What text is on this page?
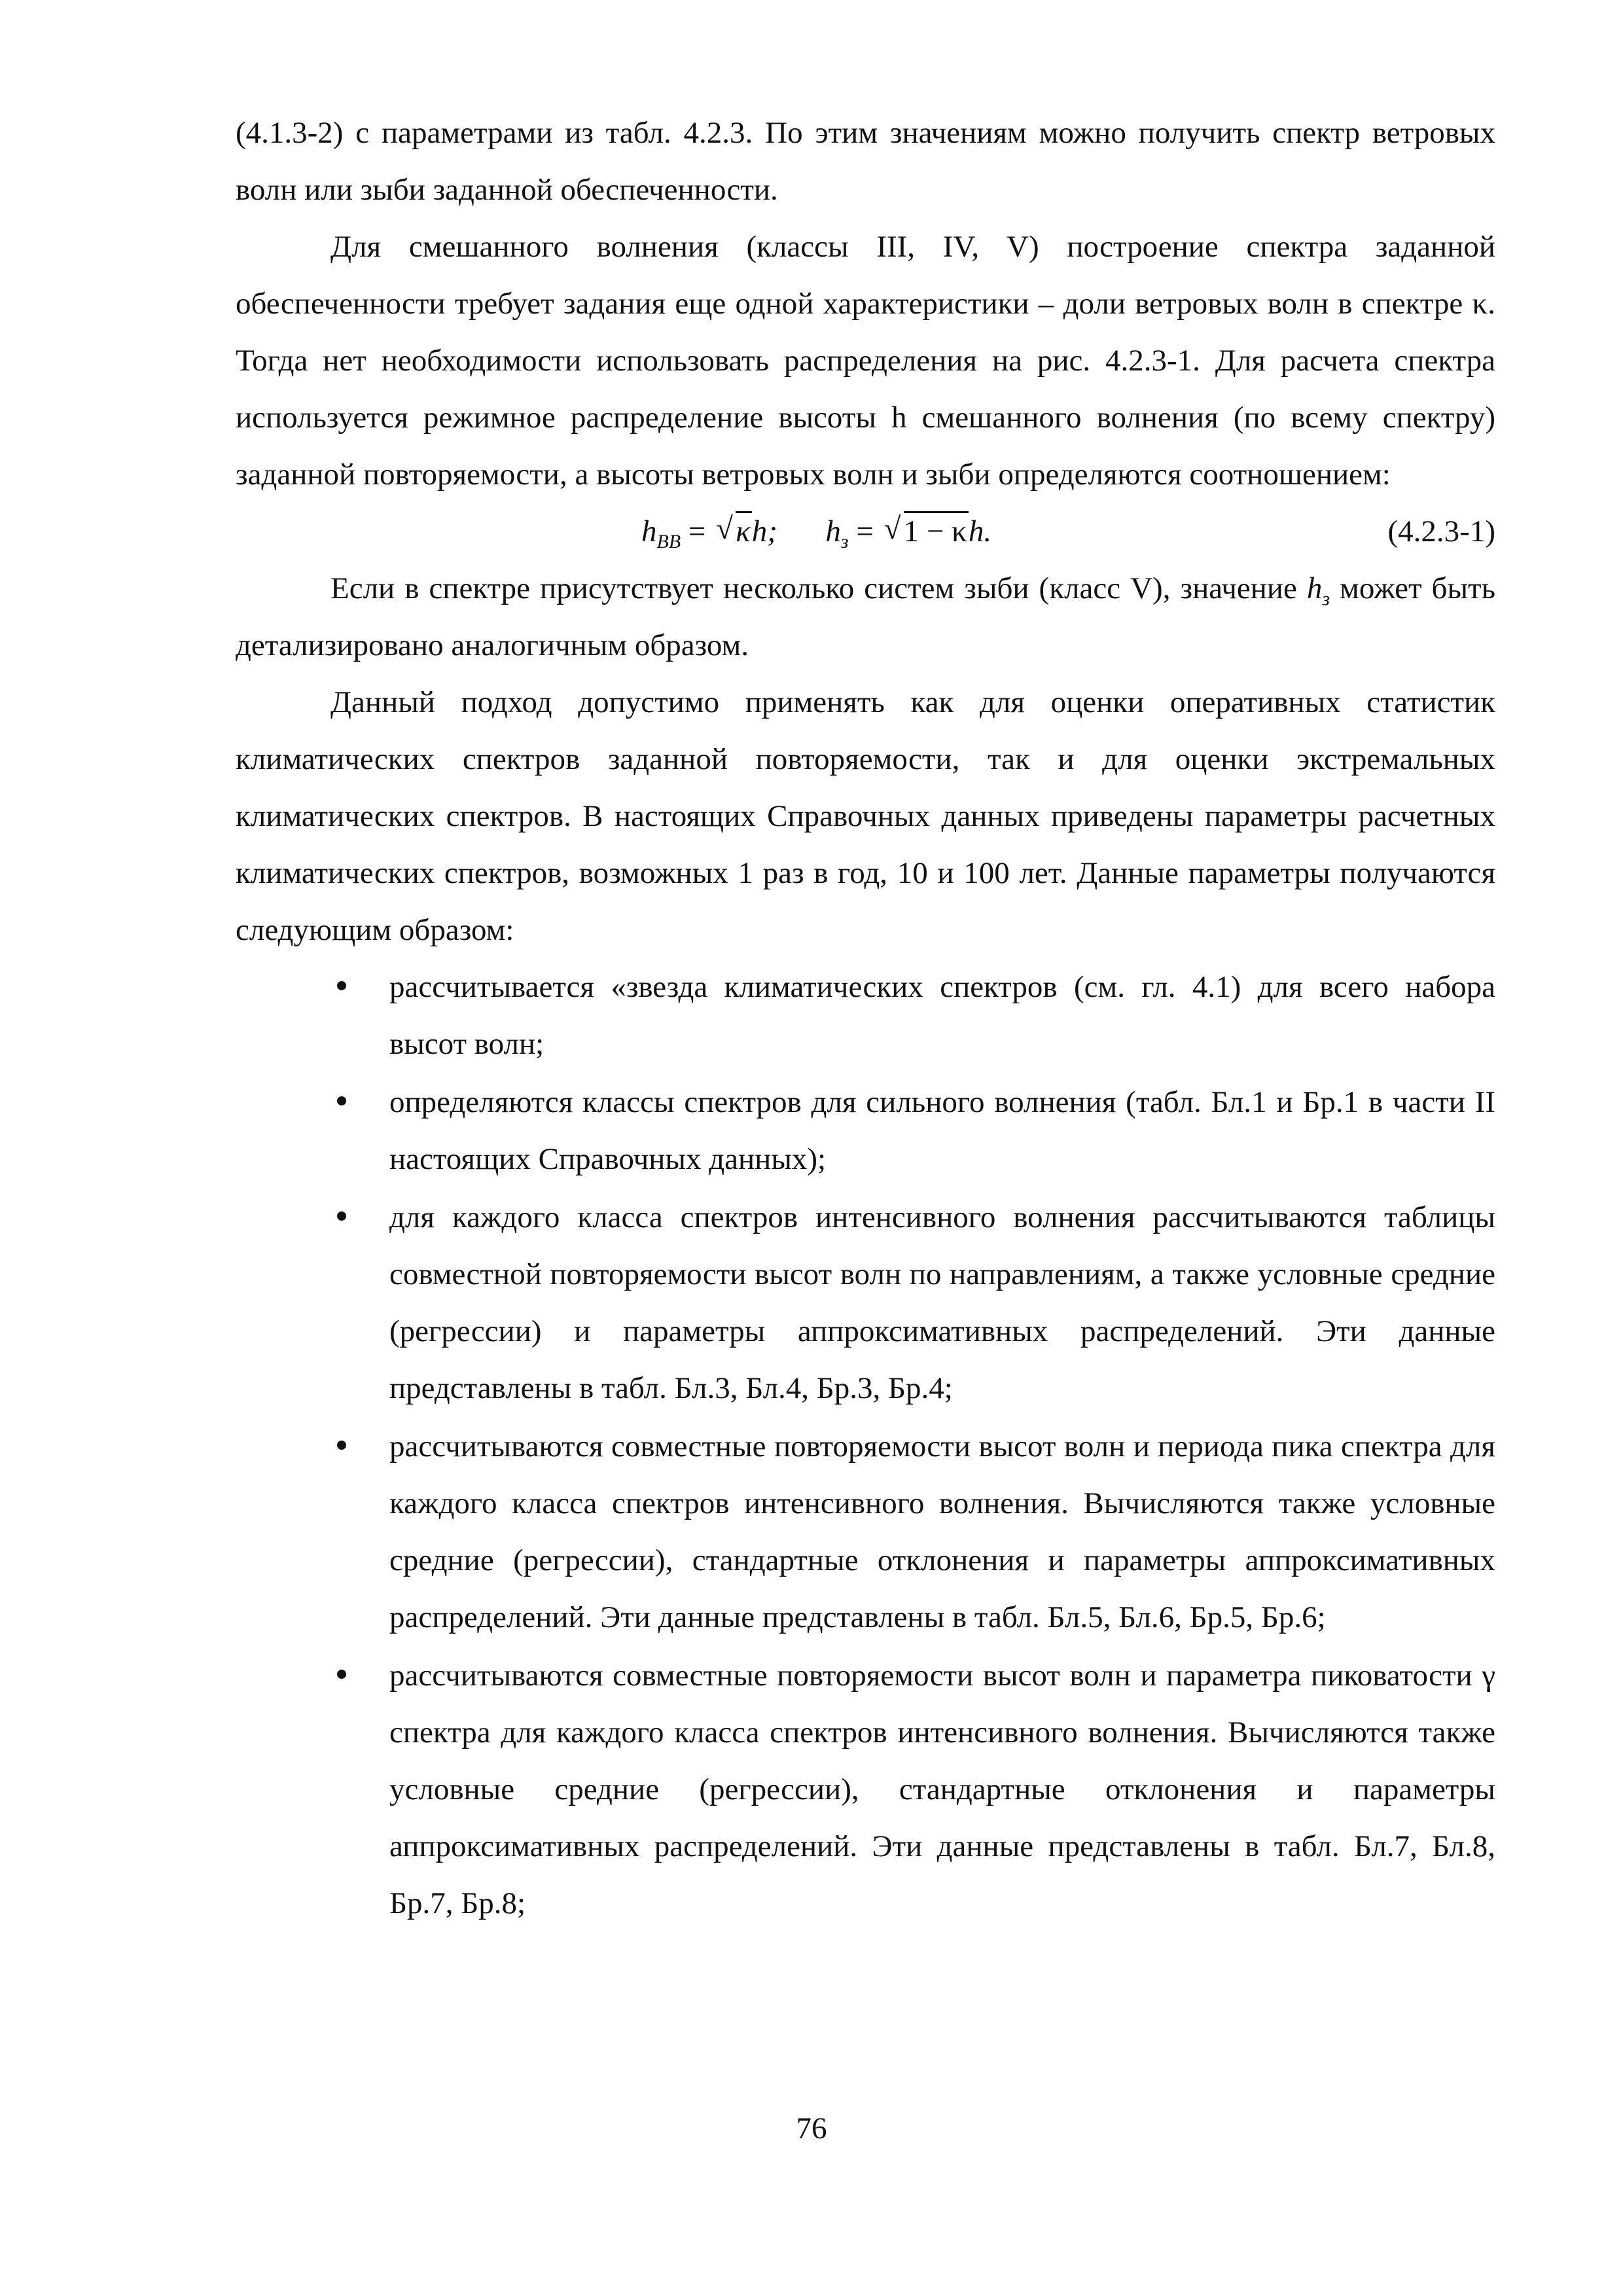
(4.1.3-2) с параметрами из табл. 4.2.3. По этим значениям можно получить спектр ветровых волн или зыби заданной обеспеченности.

Для смешанного волнения (классы III, IV, V) построение спектра заданной обеспеченности требует задания еще одной характеристики – доли ветровых волн в спектре κ. Тогда нет необходимости использовать распределения на рис. 4.2.3-1. Для расчета спектра используется режимное распределение высоты h смешанного волнения (по всему спектру) заданной повторяемости, а высоты ветровых волн и зыби определяются соотношением:

$h_{ВВ}$ = √ κh; $h_з$ = √ 1 − κh.	(4.2.3-1)

Если в спектре присутствует несколько систем зыби (класс V), значение $h_з$ может быть детализировано аналогичным образом.

Данный подход допустимо применять как для оценки оперативных статистик климатических спектров заданной повторяемости, так и для оценки экстремальных климатических спектров. В настоящих Справочных данных приведены параметры расчетных климатических спектров, возможных 1 раз в год, 10 и 100 лет. Данные параметры получаются следующим образом:

рассчитывается «звезда климатических спектров (см. гл. 4.1) для всего набора высот волн;
определяются классы спектров для сильного волнения (табл. Бл.1 и Бр.1 в части II настоящих Справочных данных);
для каждого класса спектров интенсивного волнения рассчитываются таблицы совместной повторяемости высот волн по направлениям, а также условные средние (регрессии) и параметры аппроксимативных распределений. Эти данные представлены в табл. Бл.3, Бл.4, Бр.3, Бр.4;
рассчитываются совместные повторяемости высот волн и периода пика спектра для каждого класса спектров интенсивного волнения. Вычисляются также условные средние (регрессии), стандартные отклонения и параметры аппроксимативных распределений. Эти данные представлены в табл. Бл.5, Бл.6, Бр.5, Бр.6;
рассчитываются совместные повторяемости высот волн и параметра пиковатости γ спектра для каждого класса спектров интенсивного волнения. Вычисляются также условные средние (регрессии), стандартные отклонения и параметры аппроксимативных распределений. Эти данные представлены в табл. Бл.7, Бл.8, Бр.7, Бр.8;
76
